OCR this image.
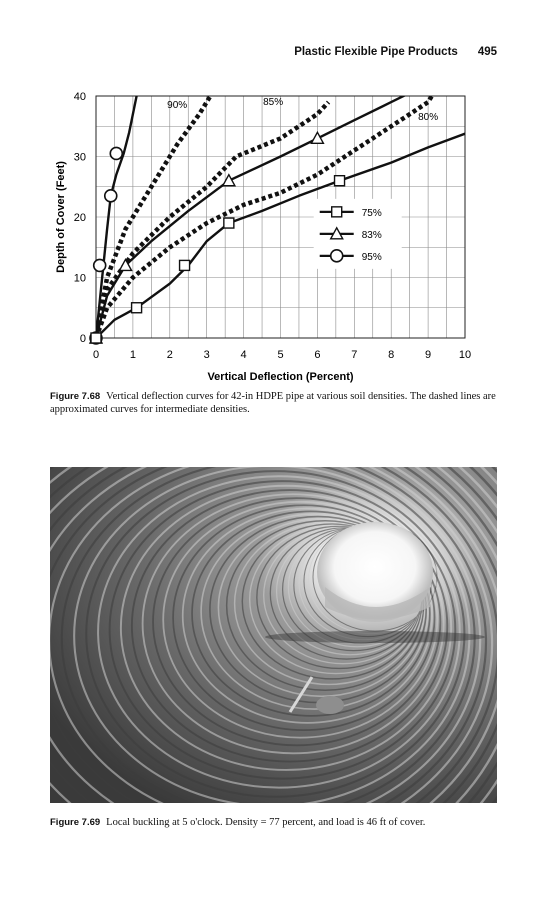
Plastic Flexible Pipe Products 495
0	1	2	3	4	5	6	7	8	9	10
0
10
20
30
40
Vertical Deflection (Percent)
Depth of Cover (Feet)
90%	85%
80%
75%
83%
95%
Figure 7.68 Vertical deflection curves for 42-in HDPE pipe at various soil densities. The dashed lines are approximated curves for intermediate densities.
Figure 7.69 Local buckling at 5 o'clock. Density = 77 percent, and load is 46 ft of cover.
